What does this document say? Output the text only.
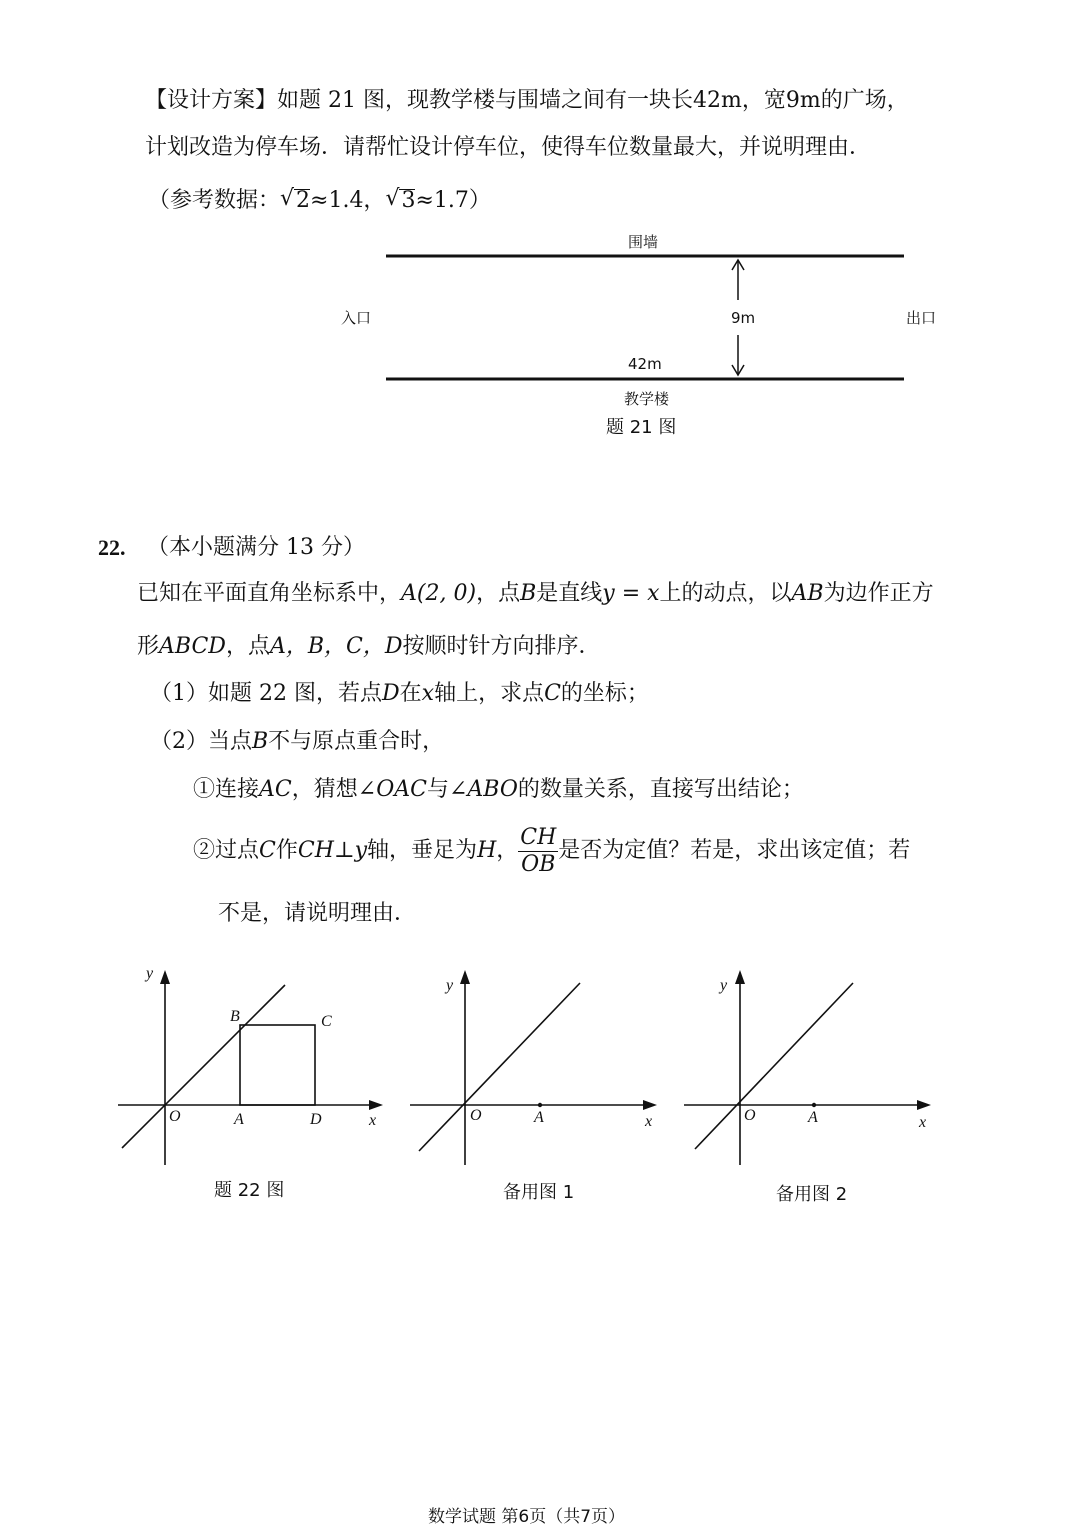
【设计方案】如题 21 图，现教学楼与围墙之间有一块长42m，宽9m的广场，
计划改造为停车场．请帮忙设计停车位，使得车位数量最大，并说明理由．
（参考数据： √ 2≈1.4， √ 3≈1.7）
围墙
入口	出口
9m
42m
教学楼
题 21 图
22. （本小题满分 13 分）
已知在平面直角坐标系中，A(2, 0)，点B是直线y = x上的动点，以AB为边作正方
形ABCD，点A，B，C，D按顺时针方向排序．
（1）如题 22 图，若点D在x轴上，求点C的坐标；
（2）当点B不与原点重合时，
①连接AC，猜想∠OAC与∠ABO的数量关系，直接写出结论；
②过点 C 作 CH ⊥ y 轴，垂足为 H ， $\frac{CH}{OB}$ 是否为定值？若是，求出该定值；若
不是，请说明理由．
y
x
O	A
B	C
D
题 22 图
y
x
O	A
备用图 1
y
x
O	A
备用图 2
数学试题 第6页（共7页）
